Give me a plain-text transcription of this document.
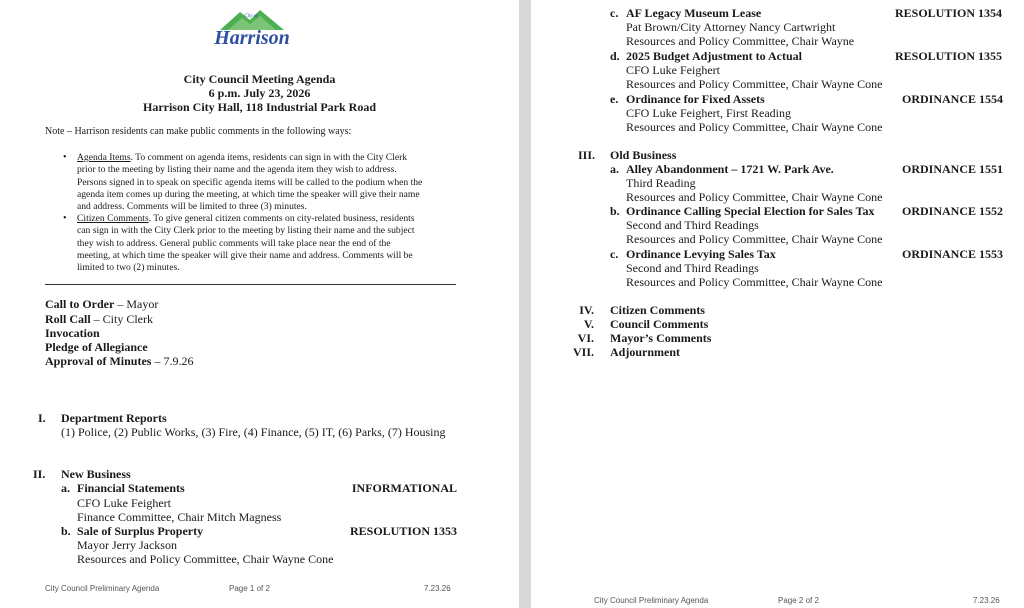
City of
Harrison
City Council Meeting Agenda
6 p.m. July 23, 2026
Harrison City Hall, 118 Industrial Park Road
Note – Harrison residents can make public comments in the following ways:
• Agenda Items. To comment on agenda items, residents can sign in with the City Clerk
prior to the meeting by listing their name and the agenda item they wish to address.
Persons signed in to speak on specific agenda items will be called to the podium when the
agenda item comes up during the meeting, at which time the speaker will give their name
and address. Comments will be limited to three (3) minutes.
• Citizen Comments. To give general citizen comments on city-related business, residents
can sign in with the City Clerk prior to the meeting by listing their name and the subject
they wish to address. General public comments will take place near the end of the
meeting, at which time the speaker will give their name and address. Comments will be
limited to two (2) minutes.
Call to Order – Mayor
Roll Call – City Clerk
Invocation
Pledge of Allegiance
Approval of Minutes – 7.9.26
I. Department Reports
(1) Police, (2) Public Works, (3) Fire, (4) Finance, (5) IT, (6) Parks, (7) Housing
II. New Business
a. Financial Statements	INFORMATIONAL
CFO Luke Feighert
Finance Committee, Chair Mitch Magness
b. Sale of Surplus Property	RESOLUTION 1353
Mayor Jerry Jackson
Resources and Policy Committee, Chair Wayne Cone
City Council Preliminary Agenda	Page 1 of 2	7.23.26
c. AF Legacy Museum Lease	RESOLUTION 1354
Pat Brown/City Attorney Nancy Cartwright
Resources and Policy Committee, Chair Wayne
d. 2025 Budget Adjustment to Actual	RESOLUTION 1355
CFO Luke Feighert
Resources and Policy Committee, Chair Wayne Cone
e. Ordinance for Fixed Assets	ORDINANCE 1554
CFO Luke Feighert, First Reading
Resources and Policy Committee, Chair Wayne Cone
III. Old Business
a. Alley Abandonment – 1721 W. Park Ave.	ORDINANCE 1551
Third Reading
Resources and Policy Committee, Chair Wayne Cone
b. Ordinance Calling Special Election for Sales Tax ORDINANCE 1552
Second and Third Readings
Resources and Policy Committee, Chair Wayne Cone
c. Ordinance Levying Sales Tax	ORDINANCE 1553
Second and Third Readings
Resources and Policy Committee, Chair Wayne Cone
IV. Citizen Comments
V. Council Comments
VI. Mayor’s Comments
VII. Adjournment
City Council Preliminary Agenda	Page 2 of 2	7.23.26
